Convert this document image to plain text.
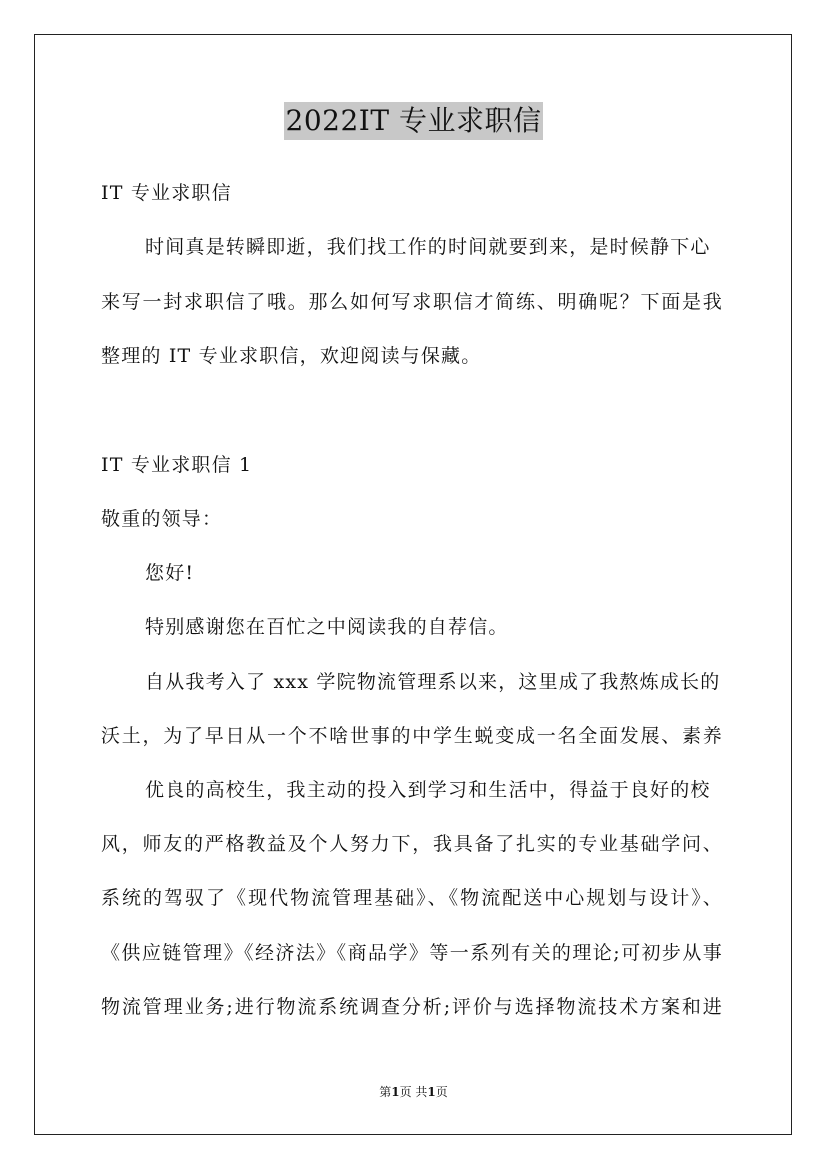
2022IT 专业求职信
IT 专业求职信
时间真是转瞬即逝，我们找工作的时间就要到来，是时候静下心
来写一封求职信了哦。那么如何写求职信才简练、明确呢？下面是我
整理的 IT 专业求职信，欢迎阅读与保藏。
IT 专业求职信 1
敬重的领导：
您好!
特别感谢您在百忙之中阅读我的自荐信。
自从我考入了 xxx 学院物流管理系以来，这里成了我熬炼成长的
沃土，为了早日从一个不啥世事的中学生蜕变成一名全面发展、素养
优良的高校生，我主动的投入到学习和生活中，得益于良好的校
风，师友的严格教益及个人努力下，我具备了扎实的专业基础学问、
系统的驾驭了《现代物流管理基础》、《物流配送中心规划与设计》、
《供应链管理》《经济法》《商品学》等一系列有关的理论;可初步从事
物流管理业务;进行物流系统调查分析;评价与选择物流技术方案和进
第1页 共1页
